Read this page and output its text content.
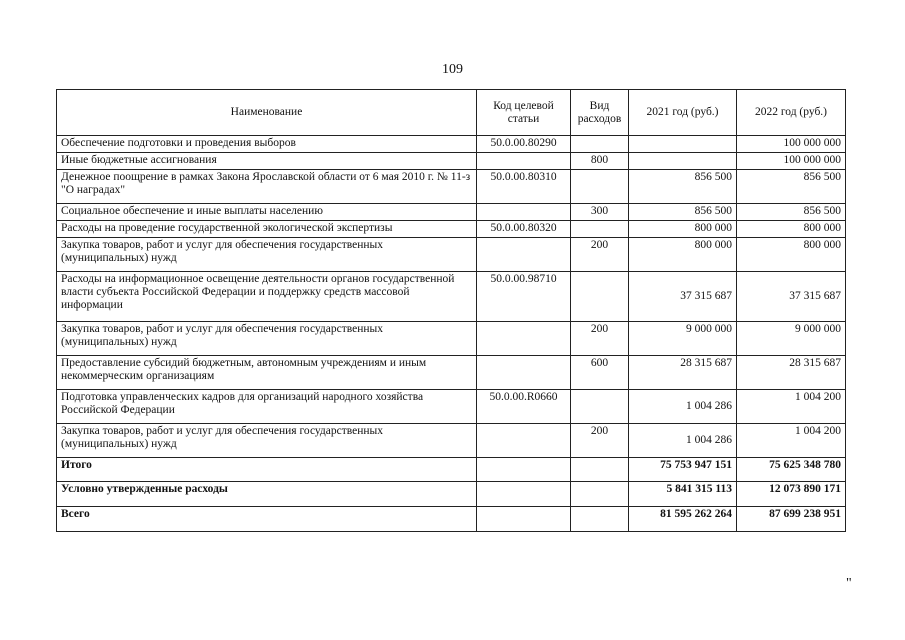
109
Наименование	Код целевой статьи	Вид расходов	2021 год (руб.)	2022 год (руб.)
Обеспечение подготовки и проведения выборов	50.0.00.80290			100 000 000
Иные бюджетные ассигнования		800		100 000 000
Денежное поощрение в рамках Закона Ярославской области от 6 мая 2010 г. № 11-з "О наградах"	50.0.00.80310		856 500	856 500
Социальное обеспечение и иные выплаты населению		300	856 500	856 500
Расходы на проведение государственной экологической экспертизы	50.0.00.80320		800 000	800 000
Закупка товаров, работ и услуг для обеспечения государственных (муниципальных) нужд		200	800 000	800 000
Расходы на информационное освещение деятельности органов государственной власти субъекта Российской Федерации и поддержку средств массовой информации	50.0.00.98710		37 315 687	37 315 687
Закупка товаров, работ и услуг для обеспечения государственных (муниципальных) нужд		200	9 000 000	9 000 000
Предоставление субсидий бюджетным, автономным учреждениям и иным некоммерческим организациям		600	28 315 687	28 315 687
Подготовка управленческих кадров для организаций народного хозяйства Российской Федерации	50.0.00.R0660		1 004 286	1 004 200
Закупка товаров, работ и услуг для обеспечения государственных (муниципальных) нужд		200	1 004 286	1 004 200
Итого			75 753 947 151	75 625 348 780
Условно утвержденные расходы			5 841 315 113	12 073 890 171
Всего			81 595 262 264	87 699 238 951
"
